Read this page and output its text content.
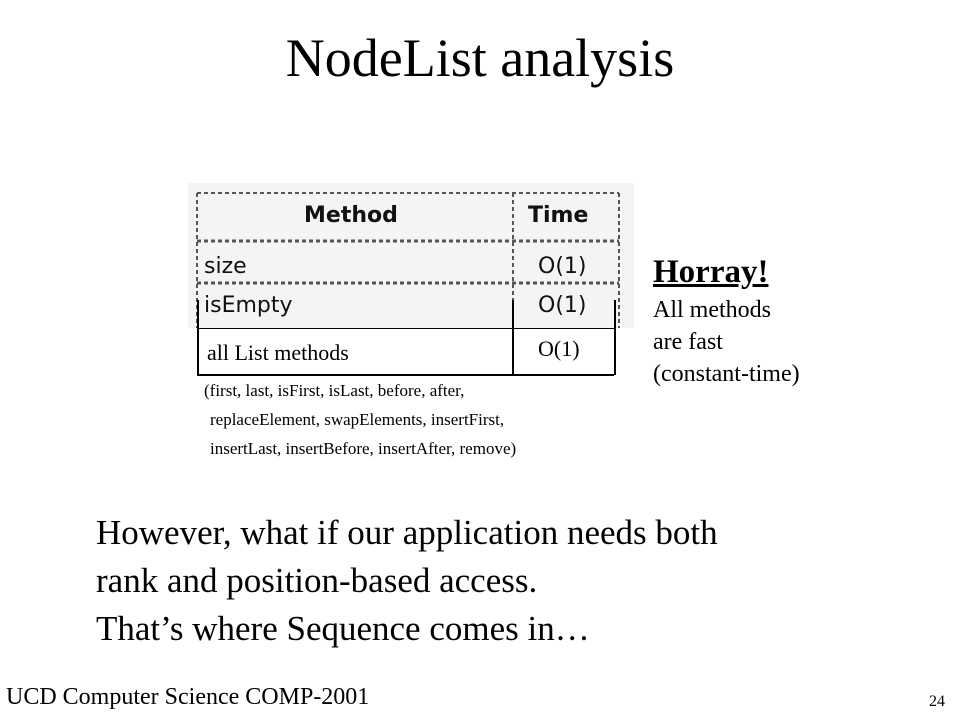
NodeList analysis
Method	Time
size	O(1)
isEmpty	O(1)
all List methods	O(1)
(first, last, isFirst, isLast, before, after,
replaceElement, swapElements, insertFirst,
insertLast, insertBefore, insertAfter, remove)
Horray!
All methods
are fast
(constant-time)
However, what if our application needs both
rank and position-based access.
That’s where Sequence comes in…
UCD Computer Science COMP-2001	24
